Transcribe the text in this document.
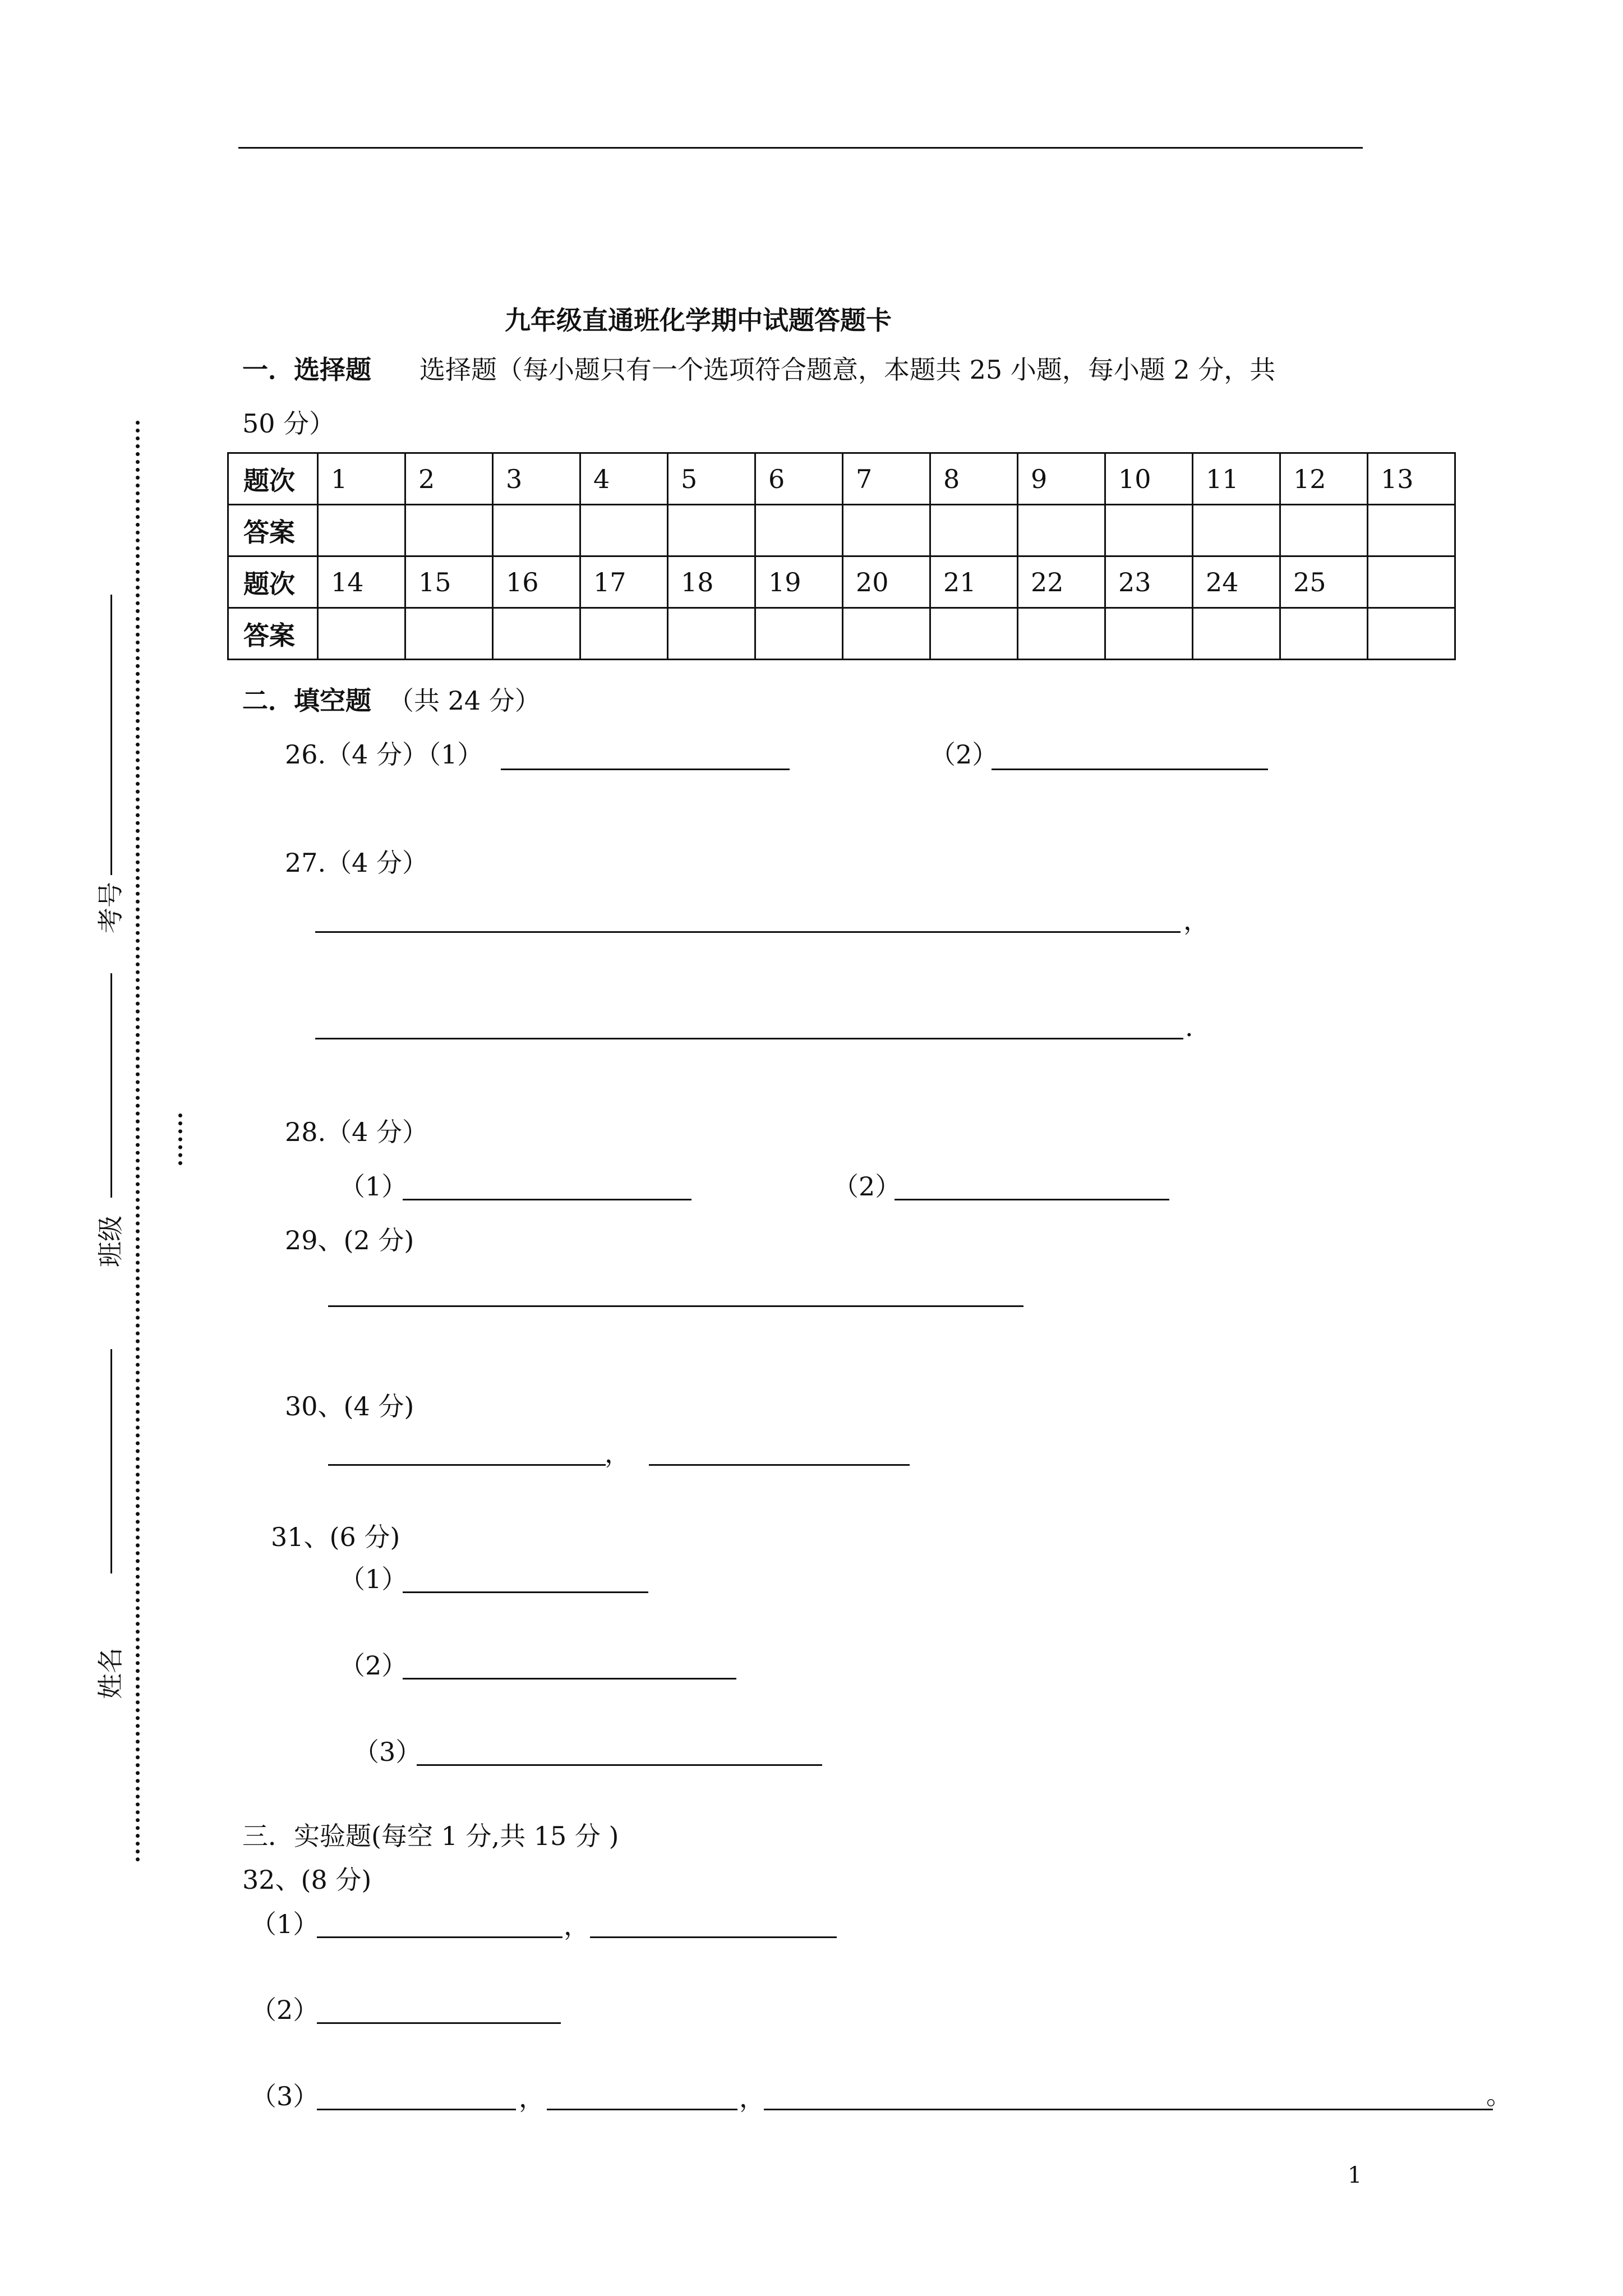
考号
班级
姓名
九年级直通班化学期中试题答题卡
一．选择题 选择题（每小题只有一个选项符合题意，本题共 25 小题，每小题 2 分，共
50 分）
题次	1	2	3	4	5	6	7	8	9	10	11	12	13
答案													
题次	14	15	16	17	18	19	20	21	22	23	24	25	
答案													
二．填空题 （共 24 分）
26.（4 分）（1）	（2）
27.（4 分）
，
.
28.（4 分）
（1）	（2）
29、(2 分)
30、(4 分)
，
31、(6 分)
（1）
（2）
（3）
三．实验题(每空 1 分,共 15 分 )
32、(8 分)
（1）	，
（2）
（3）	，	，	。
1
